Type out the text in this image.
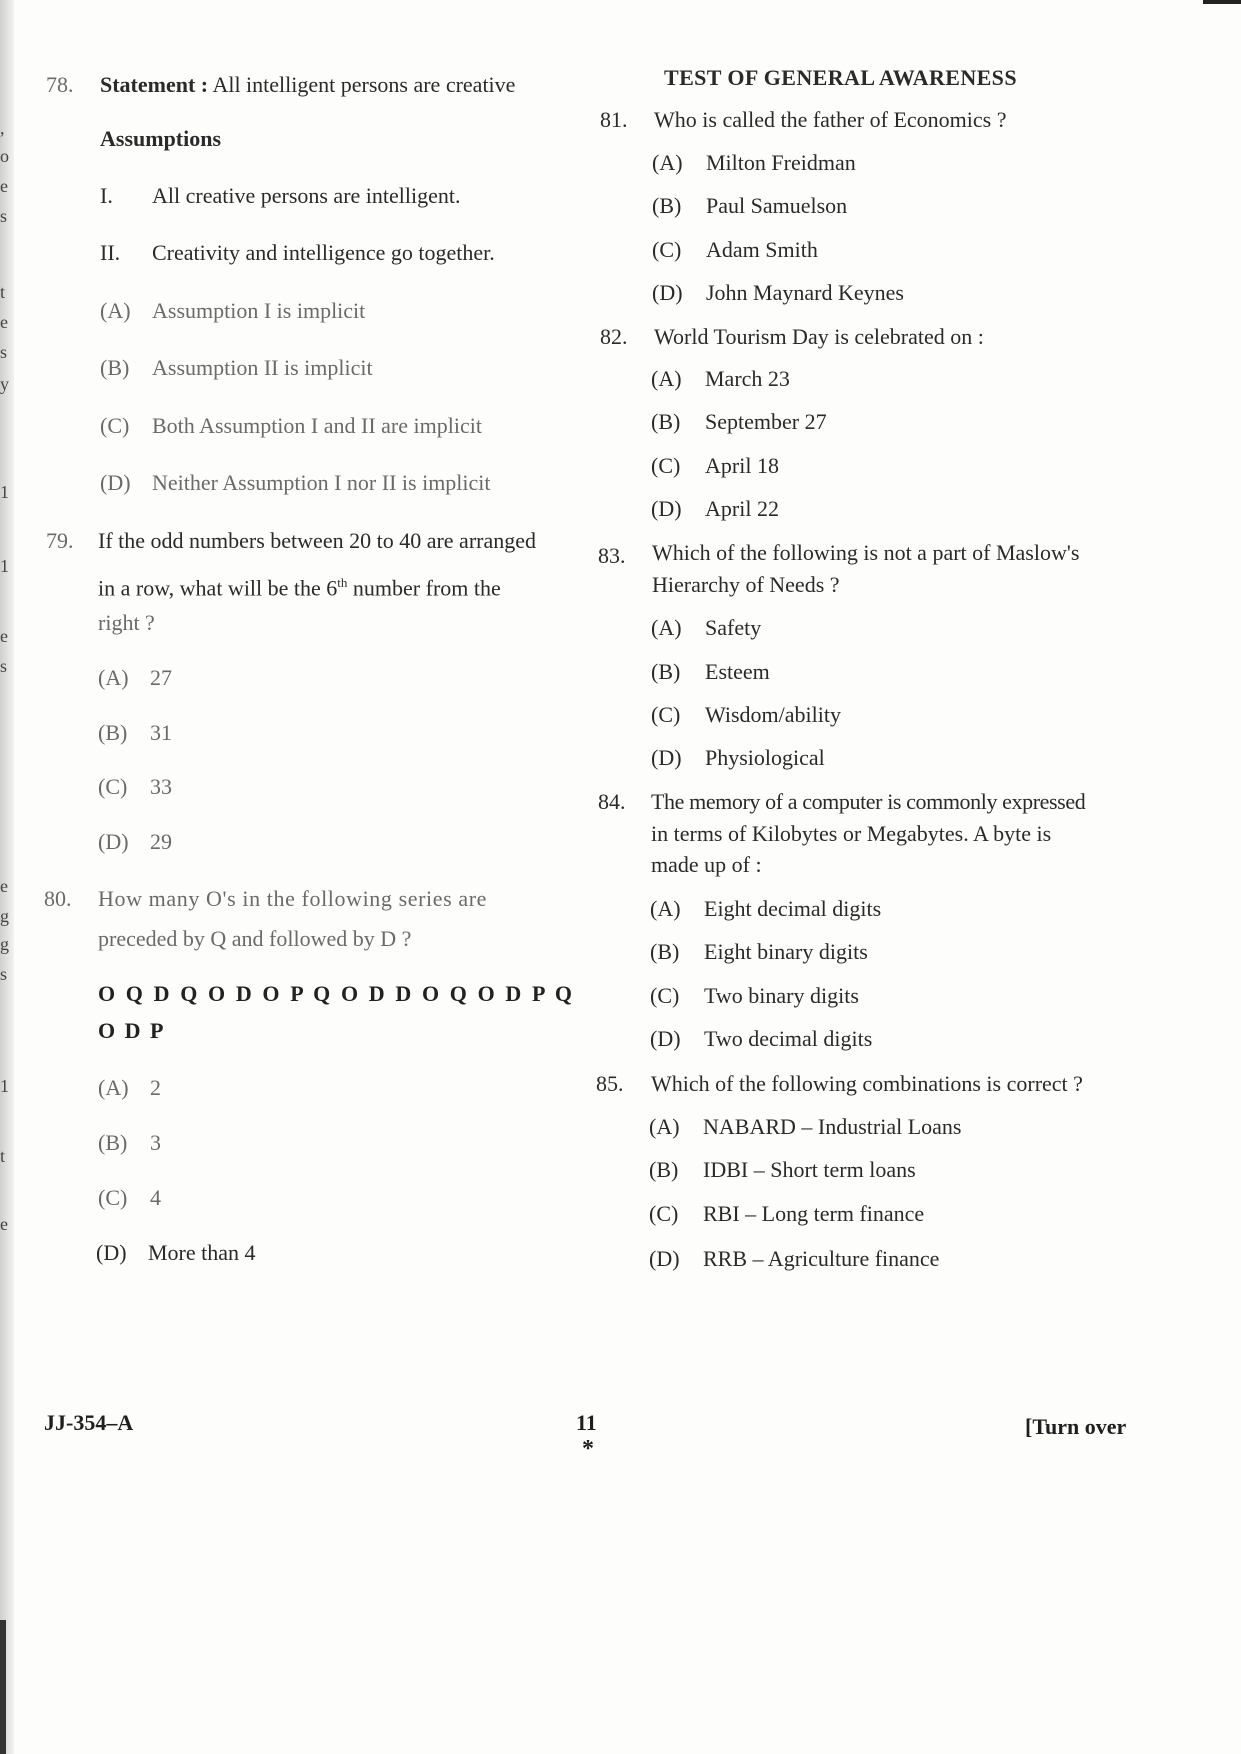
,
o
e
s
t
e
s
y
1
1
e
s
e
g
g
s
1
t
e
78. Statement : All intelligent persons are creative
Assumptions
I. All creative persons are intelligent.
II. Creativity and intelligence go together.
(A) Assumption I is implicit
(B) Assumption II is implicit
(C) Both Assumption I and II are implicit
(D) Neither Assumption I nor II is implicit
79. If the odd numbers between 20 to 40 are arranged
in a row, what will be the 6th number from the
right ?
(A) 27
(B) 31
(C) 33
(D) 29
80. How many O's in the following series are
preceded by Q and followed by D ?
O Q D Q O D O P Q O D D O Q O D P Q
O D P
(A) 2
(B) 3
(C) 4
(D) More than 4
TEST OF GENERAL AWARENESS
81. Who is called the father of Economics ?
(A) Milton Freidman
(B) Paul Samuelson
(C) Adam Smith
(D) John Maynard Keynes
82. World Tourism Day is celebrated on :
(A) March 23
(B) September 27
(C) April 18
(D) April 22
83. Which of the following is not a part of Maslow's
Hierarchy of Needs ?
(A) Safety
(B) Esteem
(C) Wisdom/ability
(D) Physiological
84. The memory of a computer is commonly expressed
in terms of Kilobytes or Megabytes. A byte is
made up of :
(A) Eight decimal digits
(B) Eight binary digits
(C) Two binary digits
(D) Two decimal digits
85. Which of the following combinations is correct ?
(A) NABARD – Industrial Loans
(B) IDBI – Short term loans
(C) RBI – Long term finance
(D) RRB – Agriculture finance
JJ-354–A	11
*
[Turn over
